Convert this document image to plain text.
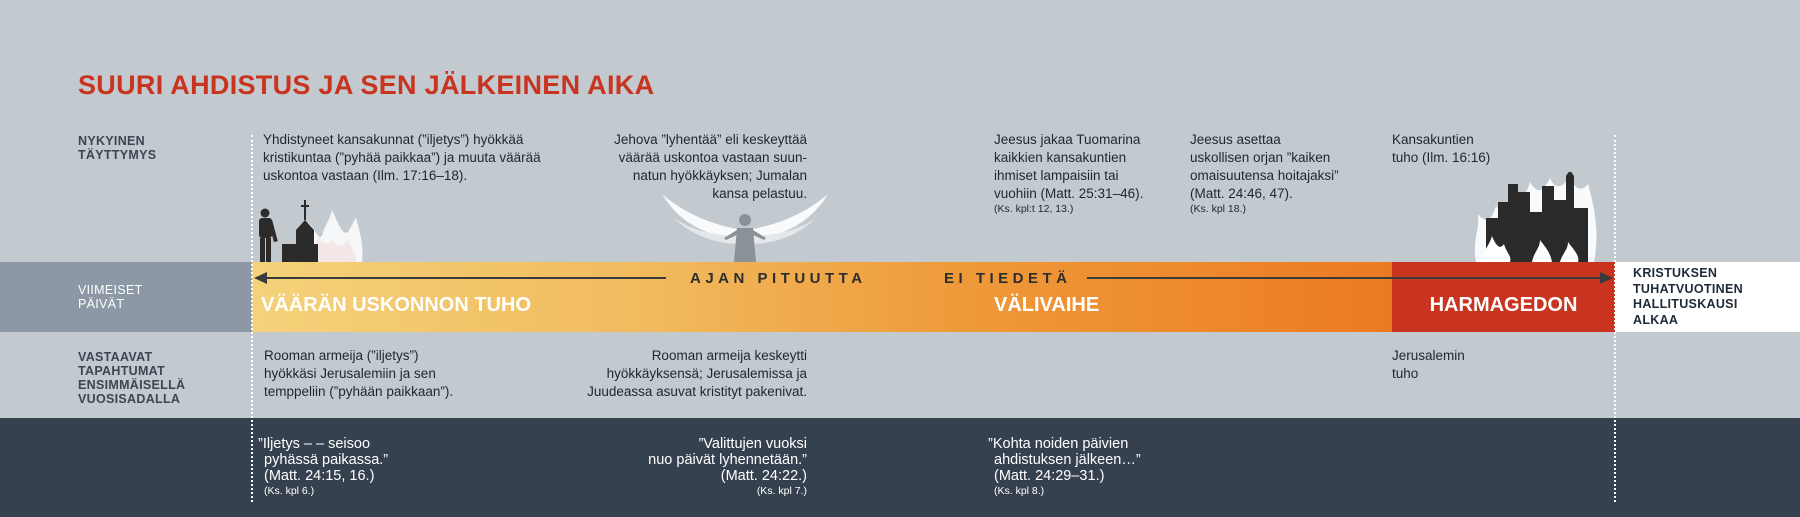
SUURI AHDISTUS JA SEN JÄLKEINEN AIKA
NYKYINEN
TÄYTTYMYS
VIIMEISET
PÄIVÄT
VASTAAVAT
TAPAHTUMAT
ENSIMMÄISELLÄ
VUOSISADALLA
Yhdistyneet kansakunnat (”iljetys”) hyökkää
kristikuntaa (”pyhää paikkaa”) ja muuta väärää
uskontoa vastaan (Ilm. 17:16–18).
Jehova ”lyhentää” eli keskeyttää
väärää uskontoa vastaan suun-
natun hyökkäyksen; Jumalan
kansa pelastuu.
Jeesus jakaa Tuomarina
kaikkien kansakuntien
ihmiset lampaisiin tai
vuohiin (Matt. 25:31–46).
(Ks. kpl:t 12, 13.)
Jeesus asettaa
uskollisen orjan ”kaiken
omaisuutensa hoitajaksi”
(Matt. 24:46, 47).
(Ks. kpl 18.)
Kansakuntien
tuho (Ilm. 16:16)
AJAN PITUUTTA	EI TIEDETÄ
VÄÄRÄN USKONNON TUHO	VÄLIVAIHE	HARMAGEDON
KRISTUKSEN
TUHATVUOTINEN
HALLITUSKAUSI
ALKAA
Rooman armeija (”iljetys”)
hyökkäsi Jerusalemiin ja sen
temppeliin (”pyhään paikkaan”).
Rooman armeija keskeytti
hyökkäyksensä; Jerusalemissa ja
Juudeassa asuvat kristityt pakenivat.
Jerusalemin
tuho
”Iljetys – – seisoo
pyhässä paikassa.”
(Matt. 24:15, 16.)
(Ks. kpl 6.)
”Valittujen vuoksi
nuo päivät lyhennetään.”
(Matt. 24:22.)
(Ks. kpl 7.)
”Kohta noiden päivien
ahdistuksen jälkeen…”
(Matt. 24:29–31.)
(Ks. kpl 8.)
